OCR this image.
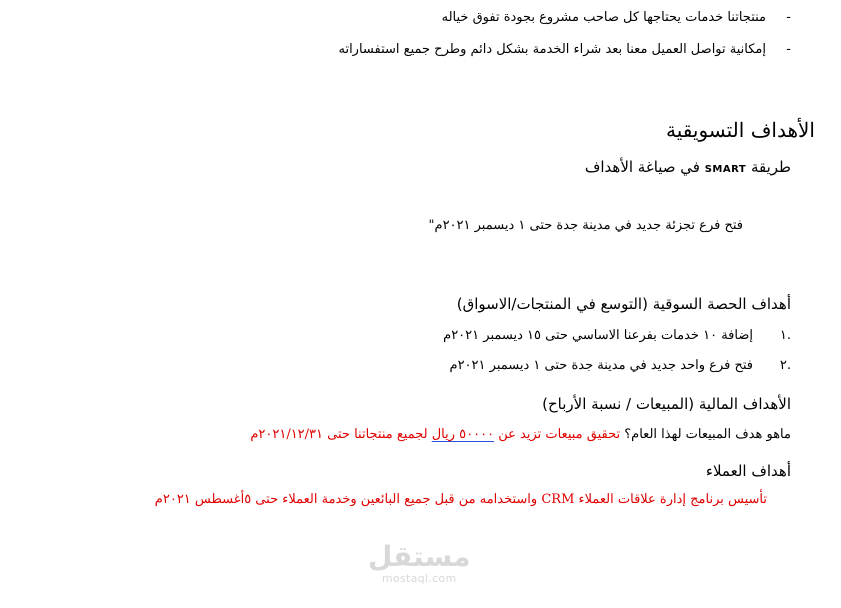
-
منتجاتنا خدمات يحتاجها كل صاحب مشروع بجودة تفوق خياله
-
إمكانية تواصل العميل معنا بعد شراء الخدمة بشكل دائم وطرح جميع استفساراته
الأهداف التسويقية
طريقة SMART في صياغة الأهداف
فتح فرع تجزئة جديد في مدينة جدة حتى ١ ديسمبر ٢٠٢١م"
أهداف الحصة السوقية (التوسع في المنتجات/الاسواق)
.١إضافة ١٠ خدمات بفرعنا الاساسي حتى ١٥ ديسمبر ٢٠٢١م
.٢فتح فرع واحد جديد في مدينة جدة حتى ١ ديسمبر ٢٠٢١م
الأهداف المالية (المبيعات / نسبة الأرباح)
ماهو هدف المبيعات لهذا العام؟ تحقيق مبيعات تزيد عن ٥٠٠٠٠ ريال لجميع منتجاتنا حتى ٢٠٢١/١٢/٣١م
أهداف العملاء
تأسيس برنامج إدارة علاقات العملاء CRM واستخدامه من قبل جميع البائعين وخدمة العملاء حتى ٥أغسطس ٢٠٢١م
مستقل
mostaql.com
